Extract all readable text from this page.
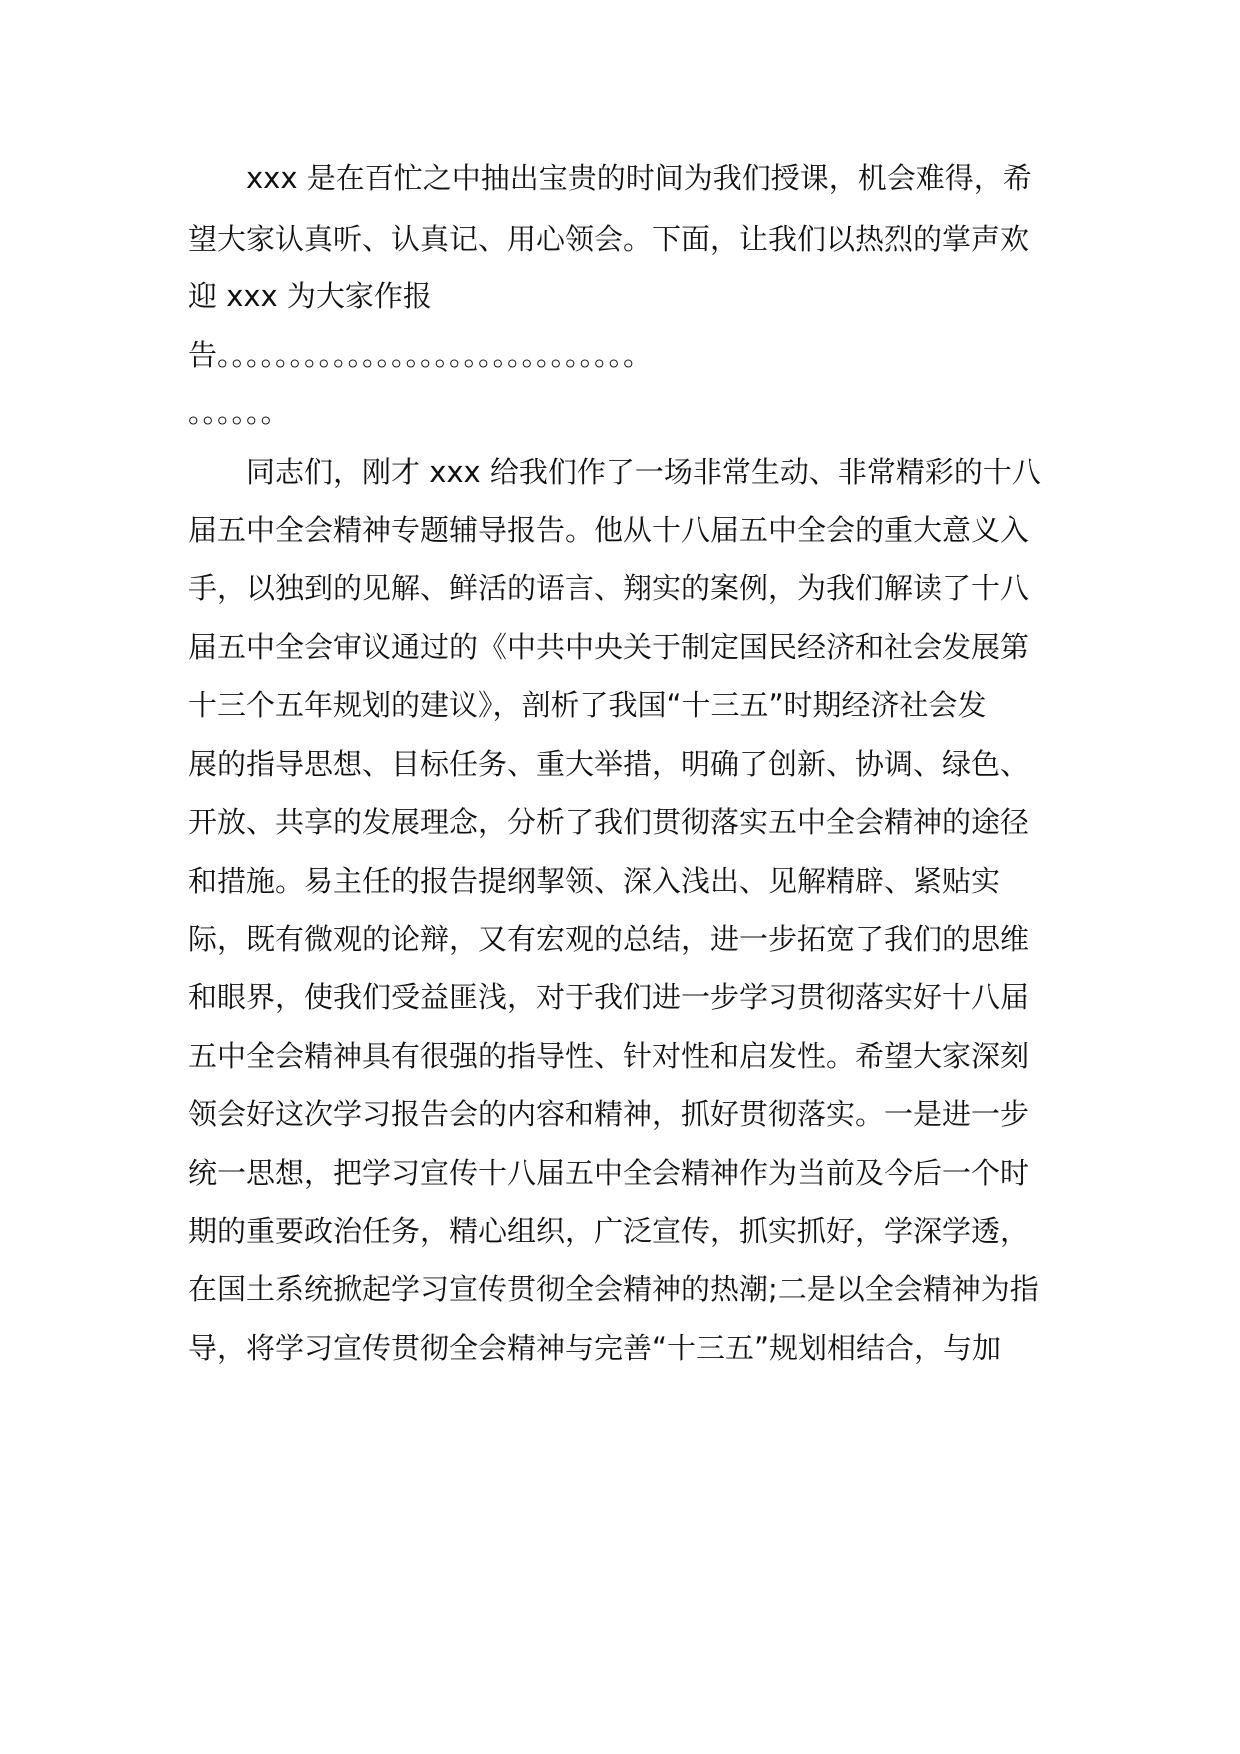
xxx 是在百忙之中抽出宝贵的时间为我们授课，机会难得，希
望大家认真听、认真记、用心领会。下面，让我们以热烈的掌声欢
迎 xxx 为大家作报
告。。。。。。。。。。。。。。。。。。。。。。。。。。。。。
。。。。。。
同志们，刚才 xxx 给我们作了一场非常生动、非常精彩的十八
届五中全会精神专题辅导报告。他从十八届五中全会的重大意义入
手，以独到的见解、鲜活的语言、翔实的案例，为我们解读了十八
届五中全会审议通过的《中共中央关于制定国民经济和社会发展第
十三个五年规划的建议》，剖析了我国“十三五”时期经济社会发
展的指导思想、目标任务、重大举措，明确了创新、协调、绿色、
开放、共享的发展理念，分析了我们贯彻落实五中全会精神的途径
和措施。易主任的报告提纲挈领、深入浅出、见解精辟、紧贴实
际，既有微观的论辩，又有宏观的总结，进一步拓宽了我们的思维
和眼界，使我们受益匪浅，对于我们进一步学习贯彻落实好十八届
五中全会精神具有很强的指导性、针对性和启发性。希望大家深刻
领会好这次学习报告会的内容和精神，抓好贯彻落实。一是进一步
统一思想，把学习宣传十八届五中全会精神作为当前及今后一个时
期的重要政治任务，精心组织，广泛宣传，抓实抓好，学深学透，
在国土系统掀起学习宣传贯彻全会精神的热潮;二是以全会精神为指
导，将学习宣传贯彻全会精神与完善“十三五”规划相结合，与加
